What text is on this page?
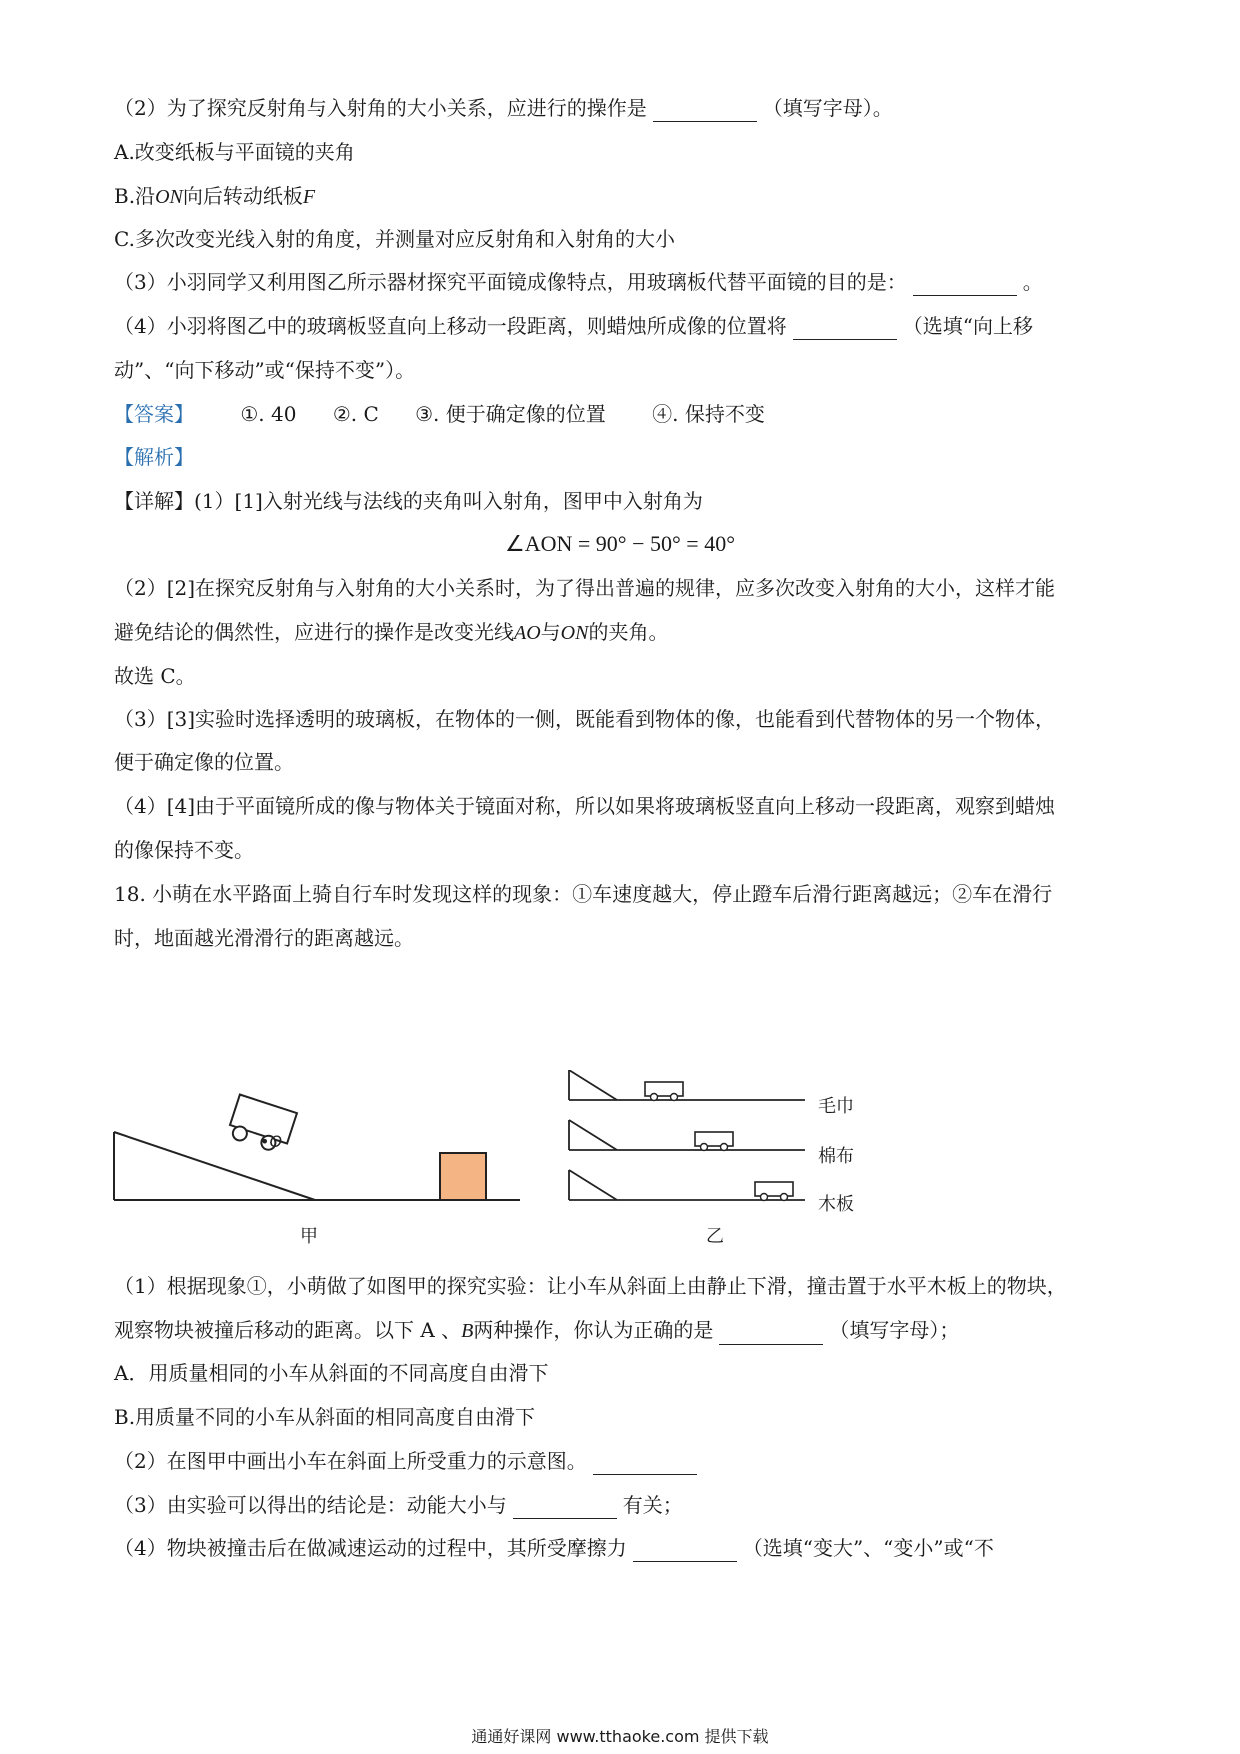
（2）为了探究反射角与入射角的大小关系，应进行的操作是	（填写字母）。
A.改变纸板与平面镜的夹角
B.沿ON向后转动纸板F
C.多次改变光线入射的角度，并测量对应反射角和入射角的大小
（3）小羽同学又利用图乙所示器材探究平面镜成像特点，用玻璃板代替平面镜的目的是：	。
（4）小羽将图乙中的玻璃板竖直向上移动一段距离，则蜡烛所成像的位置将	（选填“向上移
动”、“向下移动”或“保持不变”）。
【答案】 ①. 40 ②. C ③. 便于确定像的位置 ④. 保持不变
【解析】
【详解】(1）[1]入射光线与法线的夹角叫入射角，图甲中入射角为
∠AON = 90° − 50° = 40°
（2）[2]在探究反射角与入射角的大小关系时，为了得出普遍的规律，应多次改变入射角的大小，这样才能
避免结论的偶然性，应进行的操作是改变光线AO与ON的夹角。
故选 C。
（3）[3]实验时选择透明的玻璃板，在物体的一侧，既能看到物体的像，也能看到代替物体的另一个物体，
便于确定像的位置。
（4）[4]由于平面镜所成的像与物体关于镜面对称，所以如果将玻璃板竖直向上移动一段距离，观察到蜡烛
的像保持不变。
18. 小萌在水平路面上骑自行车时发现这样的现象：①车速度越大，停止蹬车后滑行距离越远；②车在滑行
时，地面越光滑滑行的距离越远。
•O
甲
毛巾
棉布
木板
乙
（1）根据现象①，小萌做了如图甲的探究实验：让小车从斜面上由静止下滑，撞击置于水平木板上的物块，
观察物块被撞后移动的距离。以下 A 、B两种操作，你认为正确的是	（填写字母）；
A．用质量相同的小车从斜面的不同高度自由滑下
B.用质量不同的小车从斜面的相同高度自由滑下
（2）在图甲中画出小车在斜面上所受重力的示意图。
（3）由实验可以得出的结论是：动能大小与	有关；
（4）物块被撞击后在做减速运动的过程中，其所受摩擦力	（选填“变大”、“变小”或“不
通通好课网 www.tthaoke.com 提供下载
